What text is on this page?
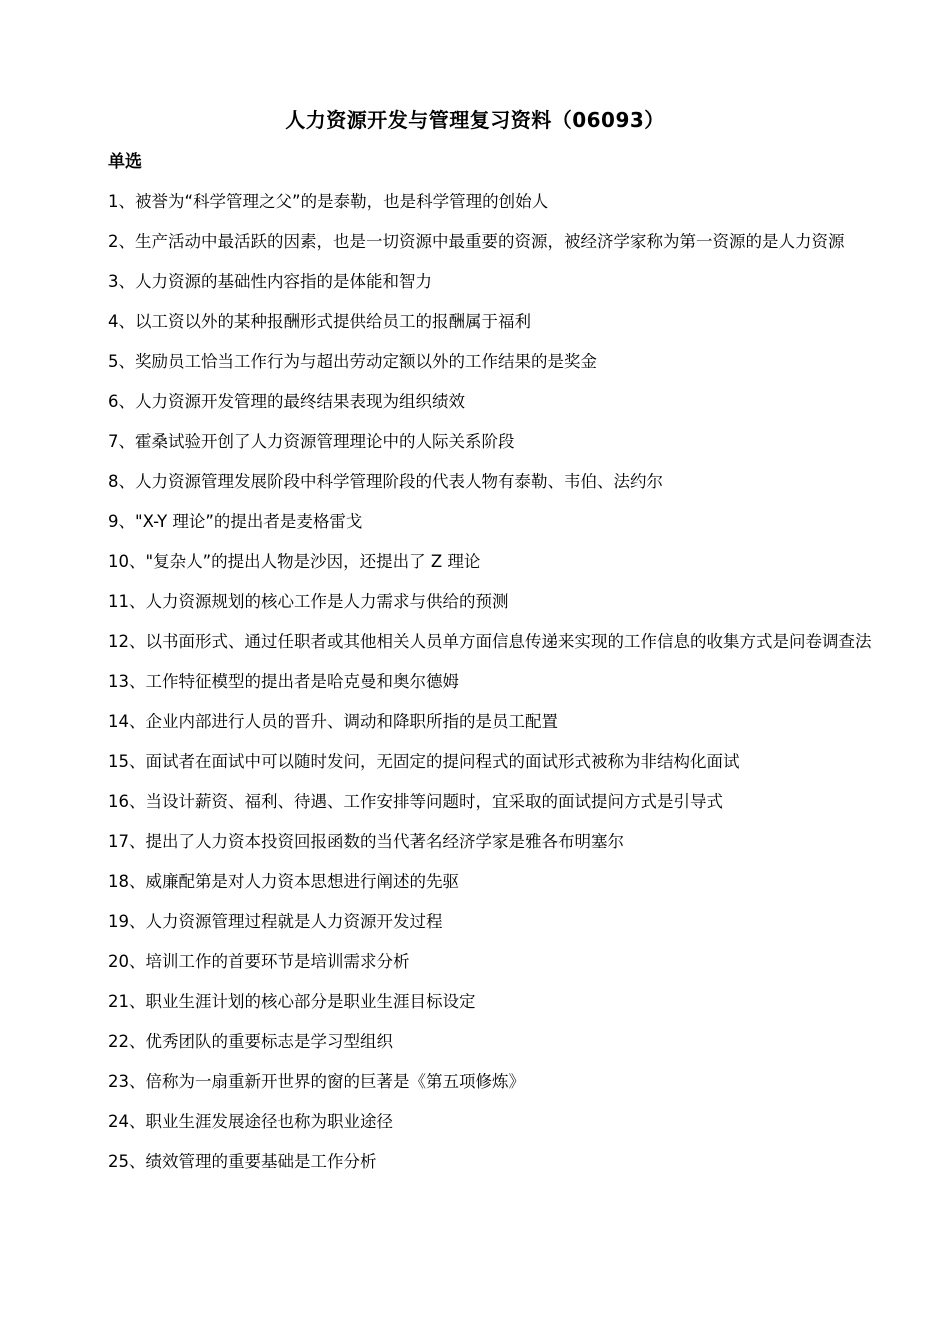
人力资源开发与管理复习资料（06093）
单选
1、被誉为“科学管理之父”的是泰勒，也是科学管理的创始人
2、生产活动中最活跃的因素，也是一切资源中最重要的资源，被经济学家称为第一资源的是人力资源
3、人力资源的基础性内容指的是体能和智力
4、以工资以外的某种报酬形式提供给员工的报酬属于福利
5、奖励员工恰当工作行为与超出劳动定额以外的工作结果的是奖金
6、人力资源开发管理的最终结果表现为组织绩效
7、霍桑试验开创了人力资源管理理论中的人际关系阶段
8、人力资源管理发展阶段中科学管理阶段的代表人物有泰勒、韦伯、法约尔
9、"X-Y 理论”的提出者是麦格雷戈
10、"复杂人”的提出人物是沙因，还提出了 Z 理论
11、人力资源规划的核心工作是人力需求与供给的预测
12、以书面形式、通过任职者或其他相关人员单方面信息传递来实现的工作信息的收集方式是问卷调查法
13、工作特征模型的提出者是哈克曼和奥尔德姆
14、企业内部进行人员的晋升、调动和降职所指的是员工配置
15、面试者在面试中可以随时发问，无固定的提问程式的面试形式被称为非结构化面试
16、当设计薪资、福利、待遇、工作安排等问题时，宜采取的面试提问方式是引导式
17、提出了人力资本投资回报函数的当代著名经济学家是雅各布明塞尔
18、威廉配第是对人力资本思想进行阐述的先驱
19、人力资源管理过程就是人力资源开发过程
20、培训工作的首要环节是培训需求分析
21、职业生涯计划的核心部分是职业生涯目标设定
22、优秀团队的重要标志是学习型组织
23、倍称为一扇重新开世界的窗的巨著是《第五项修炼》
24、职业生涯发展途径也称为职业途径
25、绩效管理的重要基础是工作分析
